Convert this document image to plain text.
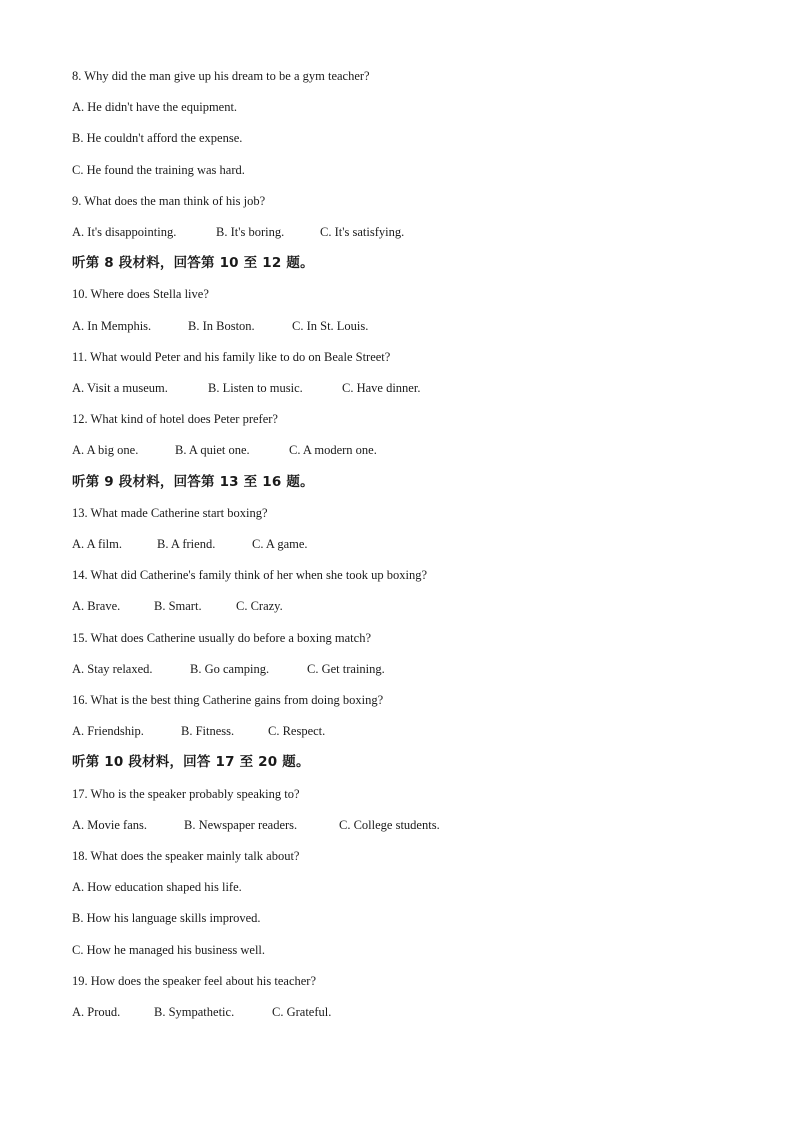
8. Why did the man give up his dream to be a gym teacher?
A. He didn't have the equipment.
B. He couldn't afford the expense.
C. He found the training was hard.
9. What does the man think of his job?
A. It's disappointing.	B. It's boring.	C. It's satisfying.
听第 8 段材料，回答第 10 至 12 题。
10. Where does Stella live?
A. In Memphis.	B. In Boston.	C. In St. Louis.
11. What would Peter and his family like to do on Beale Street?
A. Visit a museum.	B. Listen to music.	C. Have dinner.
12. What kind of hotel does Peter prefer?
A. A big one.	B. A quiet one.	C. A modern one.
听第 9 段材料，回答第 13 至 16 题。
13. What made Catherine start boxing?
A. A film.	B. A friend.	C. A game.
14. What did Catherine's family think of her when she took up boxing?
A. Brave.	B. Smart.	C. Crazy.
15. What does Catherine usually do before a boxing match?
A. Stay relaxed.	B. Go camping.	C. Get training.
16. What is the best thing Catherine gains from doing boxing?
A. Friendship.	B. Fitness.	C. Respect.
听第 10 段材料，回答 17 至 20 题。
17. Who is the speaker probably speaking to?
A. Movie fans.	B. Newspaper readers.	C. College students.
18. What does the speaker mainly talk about?
A. How education shaped his life.
B. How his language skills improved.
C. How he managed his business well.
19. How does the speaker feel about his teacher?
A. Proud.	B. Sympathetic.	C. Grateful.
